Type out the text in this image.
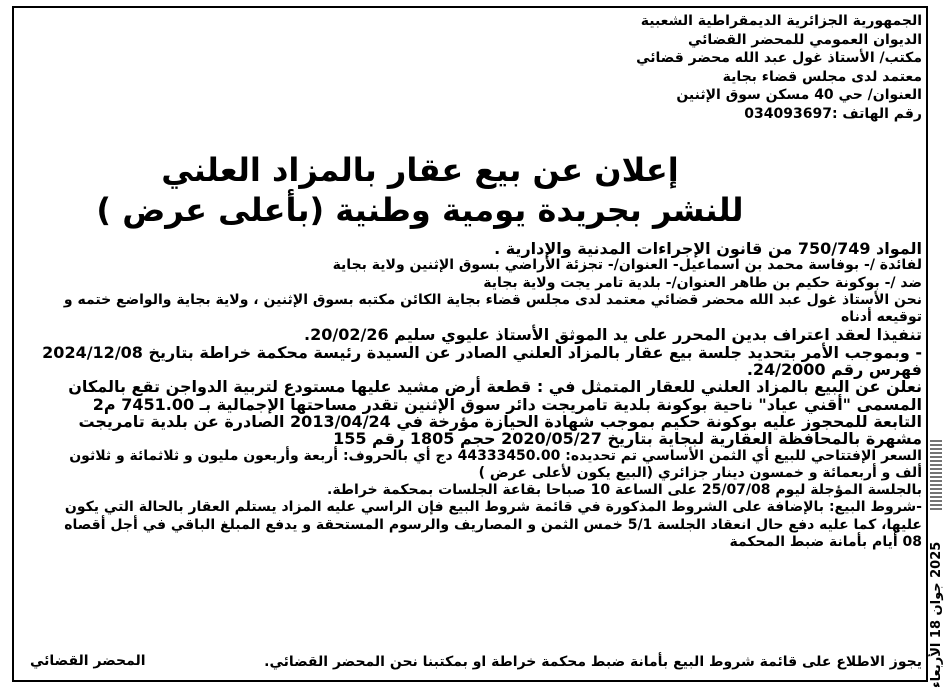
الجمهورية الجزائرية الديمقراطية الشعبية
الديوان العمومي للمحضر القضائي
مكتب/ الأستاذ غول عبد الله محضر قضائي
معتمد لدى مجلس قضاء بجاية
العنوان/ حي 40 مسكن سوق الإثنين
رقم الهاتف :034093697
إعلان عن بيع عقار بالمزاد العلني
للنشر بجريدة يومية وطنية (بأعلى عرض )

المواد 750/749 من قانون الإجراءات المدنية والإدارية .

لفائدة /- بوفاسة محمد بن اسماعيل- العنوان/- تجزئة الأراضي بسوق الإثنين ولاية بجاية

ضد /- بوكونة حكيم بن طاهر العنوان/- بلدية تامر يجت ولاية بجاية

نحن الأستاذ غول عبد الله محضر قضائي معتمد لدى مجلس قضاء بجاية الكائن مكتبه بسوق الإثنين ، ولاية بجاية والواضع ختمه و توقيعه أدناه

تنفيذا لعقد اعتراف بدين المحرر على يد الموثق الأستاذ عليوي سليم 20/02/26.

- وبموجب الأمر بتحديد جلسة بيع عقار بالمزاد العلني الصادر عن السيدة رئيسة محكمة خراطة بتاريخ 2024/12/08 فهرس رقم 24/2000.

نعلن عن البيع بالمزاد العلني للعقار المتمثل في : قطعة أرض مشيد عليها مستودع لتربية الدواجن تقع بالمكان المسمى "أقني عياد" ناحية بوكونة بلدية تامريجت دائر سوق الإثنين تقدر مساحتها الإجمالية بـ 7451.00 م2 التابعة للمحجوز عليه بوكونة حكيم بموجب شهادة الحيازة مؤرخة في 2013/04/24 الصادرة عن بلدية تامريجت مشهرة بالمحافظة العقارية لبجاية بتاريخ 2020/05/27 حجم 1805 رقم 155

السعر الإفتتاحي للبيع أي الثمن الأساسي تم تحديده: 44333450.00 دج أي بالحروف: أربعة وأربعون مليون و ثلاثمائة و ثلاثون ألف و أربعمائة و خمسون دينار جزائري (البيع يكون لأعلى عرض )

بالجلسة المؤجلة ليوم 25/07/08 على الساعة 10 صباحا بقاعة الجلسات بمحكمة خراطة.

-شروط البيع: بالإضافة على الشروط المذكورة في قائمة شروط البيع فإن الراسي عليه المزاد يستلم العقار بالحالة التي يكون عليها، كما عليه دفع حال انعقاد الجلسة 5/1 خمس الثمن و المصاريف والرسوم المستحقة و يدفع المبلغ الباقي في أجل أقصاه 08 أيام بأمانة ضبط المحكمة

يجوز الاطلاع على قائمة شروط البيع بأمانة ضبط محكمة خراطة او بمكتبنا نحن المحضر القضائي.
المحضر القضائي	2025 جوان 18 الأربعاء
